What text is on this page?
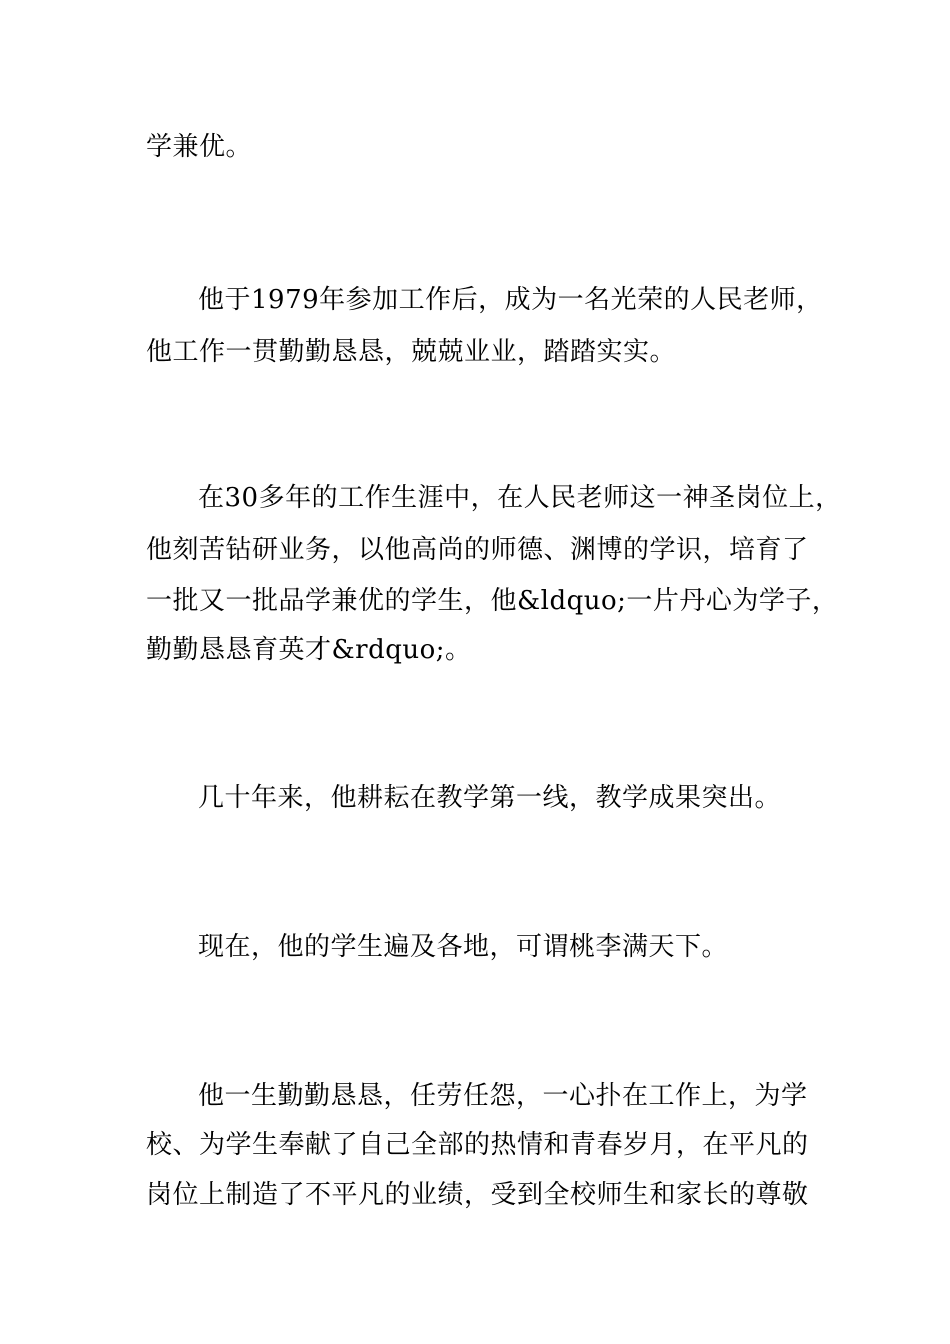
学兼优。
他于1979年参加工作后，成为一名光荣的人民老师，
他工作一贯勤勤恳恳，兢兢业业，踏踏实实。
在30多年的工作生涯中，在人民老师这一神圣岗位上，
他刻苦钻研业务，以他高尚的师德、渊博的学识，培育了
一批又一批品学兼优的学生，他&ldquo;一片丹心为学子，
勤勤恳恳育英才&rdquo;。
几十年来，他耕耘在教学第一线，教学成果突出。
现在，他的学生遍及各地，可谓桃李满天下。
他一生勤勤恳恳，任劳任怨，一心扑在工作上，为学
校、为学生奉献了自己全部的热情和青春岁月，在平凡的
岗位上制造了不平凡的业绩，受到全校师生和家长的尊敬
